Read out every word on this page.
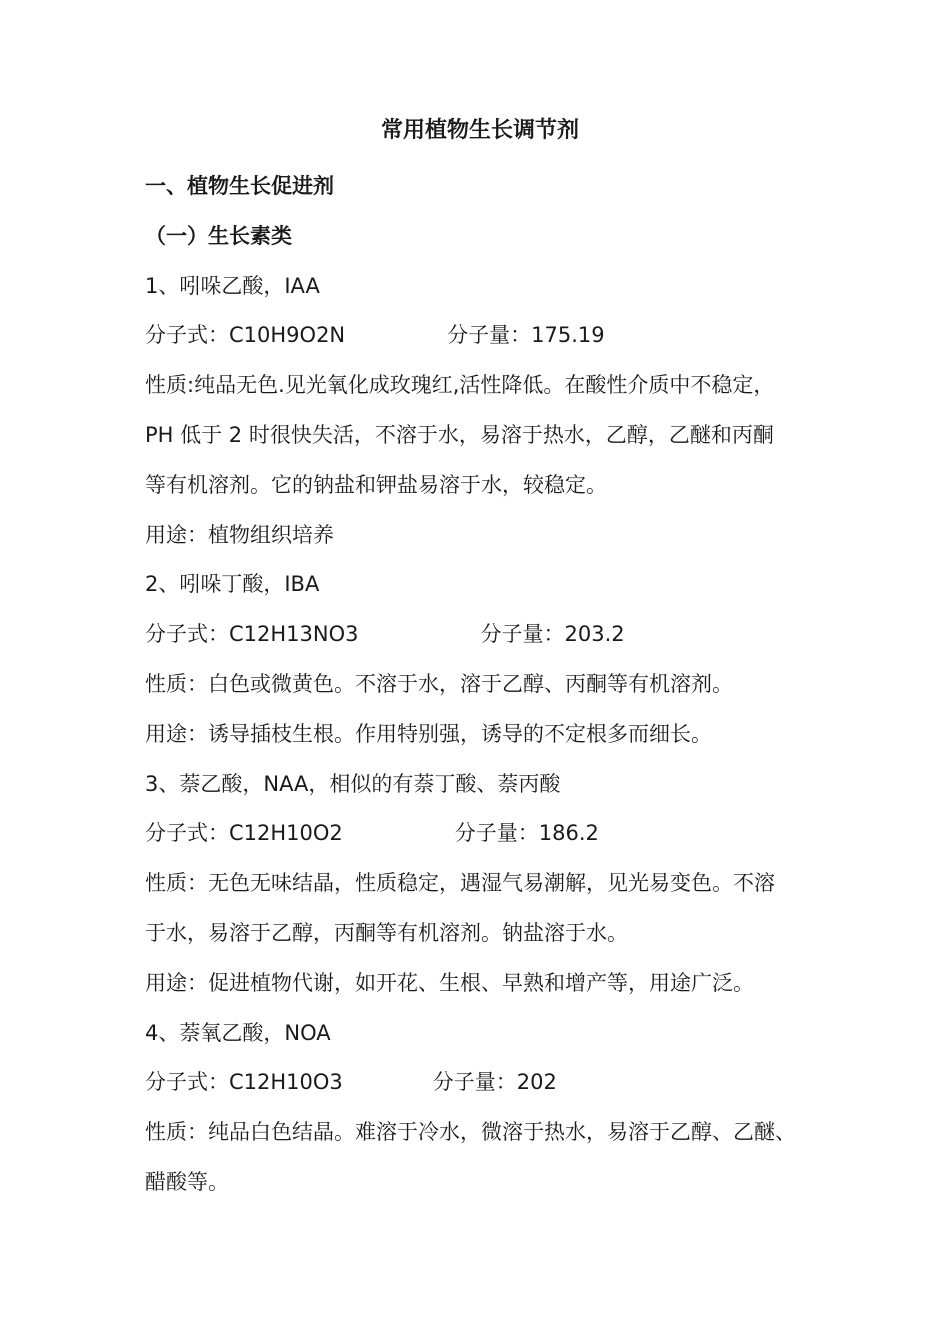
常用植物生长调节剂
一、植物生长促进剂
（一）生长素类
1、吲哚乙酸，IAA
分子式：C10H9O2N	分子量：175.19
性质:纯品无色.见光氧化成玫瑰红,活性降低。在酸性介质中不稳定，
PH 低于 2 时很快失活，不溶于水，易溶于热水，乙醇，乙醚和丙酮
等有机溶剂。它的钠盐和钾盐易溶于水，较稳定。
用途：植物组织培养
2、吲哚丁酸，IBA
分子式：C12H13NO3	分子量：203.2
性质：白色或微黄色。不溶于水，溶于乙醇、丙酮等有机溶剂。
用途：诱导插枝生根。作用特别强，诱导的不定根多而细长。
3、萘乙酸，NAA，相似的有萘丁酸、萘丙酸
分子式：C12H10O2	分子量：186.2
性质：无色无味结晶，性质稳定，遇湿气易潮解，见光易变色。不溶
于水，易溶于乙醇，丙酮等有机溶剂。钠盐溶于水。
用途：促进植物代谢，如开花、生根、早熟和增产等，用途广泛。
4、萘氧乙酸，NOA
分子式：C12H10O3	分子量：202
性质：纯品白色结晶。难溶于冷水，微溶于热水，易溶于乙醇、乙醚、
醋酸等。
